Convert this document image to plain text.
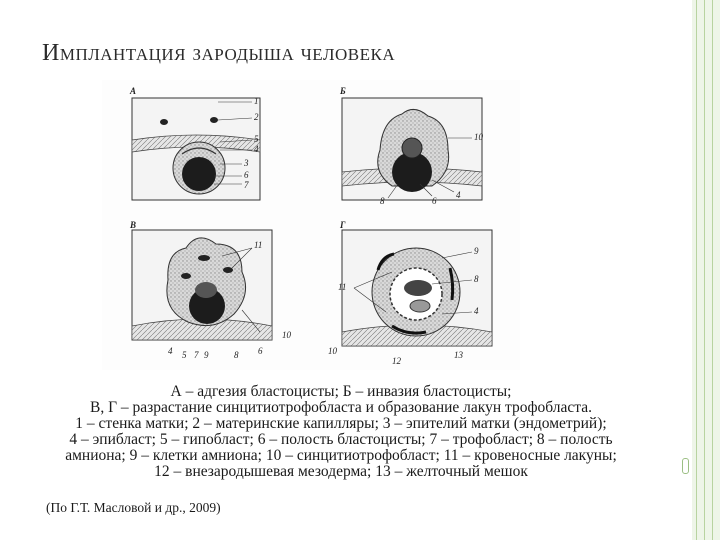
Имплантация зародыша человека
А	Б
В	Г
1
2
5
4
3
6
7
10
8	6
4
11
10
4 5 7 9	8 6
9
8
11
4
10
12
13
А – адгезия бластоцисты; Б – инвазия бластоцисты;
В, Г – разрастание синцитиотрофобласта и образование лакун трофобласта.
1 – стенка матки; 2 – материнские капилляры; 3 – эпителий матки (эндометрий);
4 – эпибласт; 5 – гипобласт; 6 – полость бластоцисты; 7 – трофобласт; 8 – полость
амниона; 9 – клетки амниона; 10 – синцитиотрофобласт; 11 – кровеносные лакуны;
12 – внезародышевая мезодерма; 13 – желточный мешок
(По Г.Т. Масловой и др., 2009)
